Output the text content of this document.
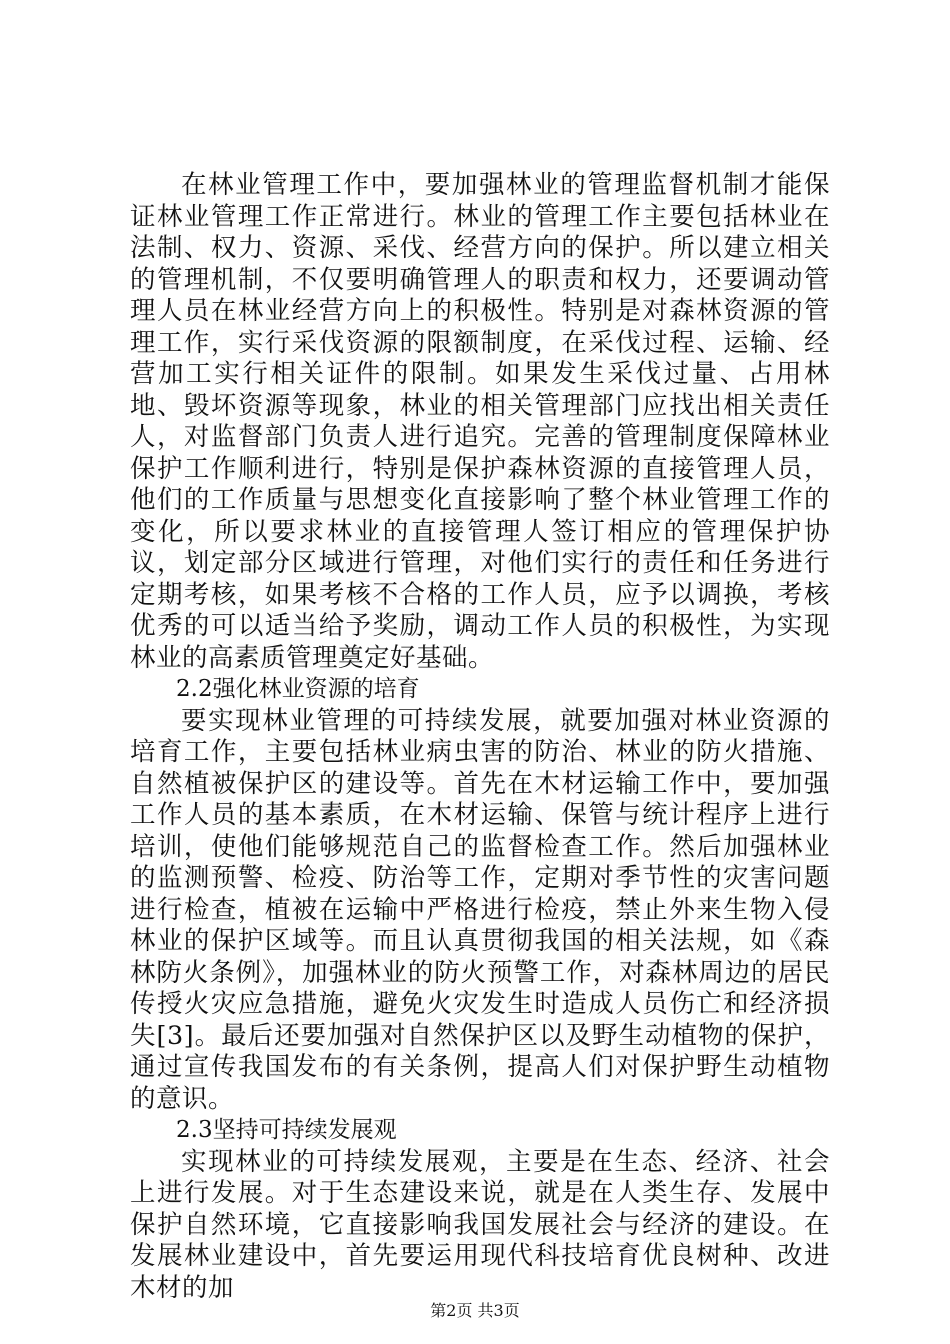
在林业管理工作中，要加强林业的管理监督机制才能保证林业管理工作正常进行。林业的管理工作主要包括林业在法制、权力、资源、采伐、经营方向的保护。所以建立相关的管理机制，不仅要明确管理人的职责和权力，还要调动管理人员在林业经营方向上的积极性。特别是对森林资源的管理工作，实行采伐资源的限额制度，在采伐过程、运输、经营加工实行相关证件的限制。如果发生采伐过量、占用林地、毁坏资源等现象，林业的相关管理部门应找出相关责任人，对监督部门负责人进行追究。完善的管理制度保障林业保护工作顺利进行，特别是保护森林资源的直接管理人员，他们的工作质量与思想变化直接影响了整个林业管理工作的变化，所以要求林业的直接管理人签订相应的管理保护协议，划定部分区域进行管理，对他们实行的责任和任务进行定期考核，如果考核不合格的工作人员，应予以调换，考核优秀的可以适当给予奖励，调动工作人员的积极性，为实现林业的高素质管理奠定好基础。

2.2强化林业资源的培育

要实现林业管理的可持续发展，就要加强对林业资源的培育工作，主要包括林业病虫害的防治、林业的防火措施、自然植被保护区的建设等。首先在木材运输工作中，要加强工作人员的基本素质，在木材运输、保管与统计程序上进行培训，使他们能够规范自己的监督检查工作。然后加强林业的监测预警、检疫、防治等工作，定期对季节性的灾害问题进行检查，植被在运输中严格进行检疫，禁止外来生物入侵林业的保护区域等。而且认真贯彻我国的相关法规，如《森林防火条例》，加强林业的防火预警工作，对森林周边的居民传授火灾应急措施，避免火灾发生时造成人员伤亡和经济损失[3]。最后还要加强对自然保护区以及野生动植物的保护，通过宣传我国发布的有关条例，提高人们对保护野生动植物的意识。

2.3坚持可持续发展观

实现林业的可持续发展观，主要是在生态、经济、社会上进行发展。对于生态建设来说，就是在人类生存、发展中保护自然环境，它直接影响我国发展社会与经济的建设。在发展林业建设中，首先要运用现代科技培育优良树种、改进木材的加

第2页 共3页
